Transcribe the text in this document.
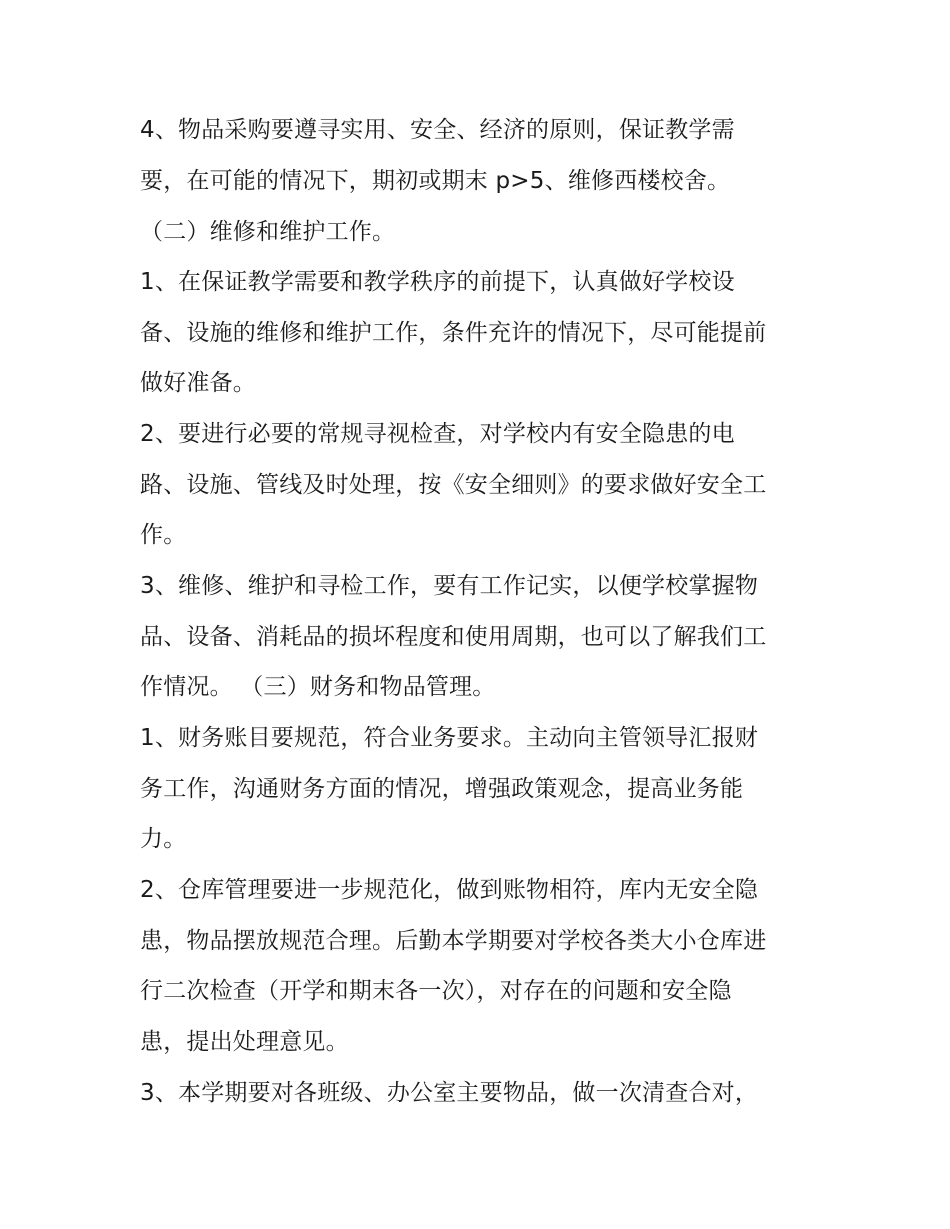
4、物品采购要遵寻实用、安全、经济的原则，保证教学需
要，在可能的情况下，期初或期末 p>5、维修西楼校舍。
（二）维修和维护工作。
1、在保证教学需要和教学秩序的前提下，认真做好学校设
备、设施的维修和维护工作，条件充许的情况下，尽可能提前
做好准备。
2、要进行必要的常规寻视检查，对学校内有安全隐患的电
路、设施、管线及时处理，按《安全细则》的要求做好安全工
作。
3、维修、维护和寻检工作，要有工作记实，以便学校掌握物
品、设备、消耗品的损坏程度和使用周期，也可以了解我们工
作情况。 （三）财务和物品管理。
1、财务账目要规范，符合业务要求。主动向主管领导汇报财
务工作，沟通财务方面的情况，增强政策观念，提高业务能
力。
2、仓库管理要进一步规范化，做到账物相符，库内无安全隐
患，物品摆放规范合理。后勤本学期要对学校各类大小仓库进
行二次检查（开学和期末各一次），对存在的问题和安全隐
患，提出处理意见。
3、本学期要对各班级、办公室主要物品，做一次清查合对，
